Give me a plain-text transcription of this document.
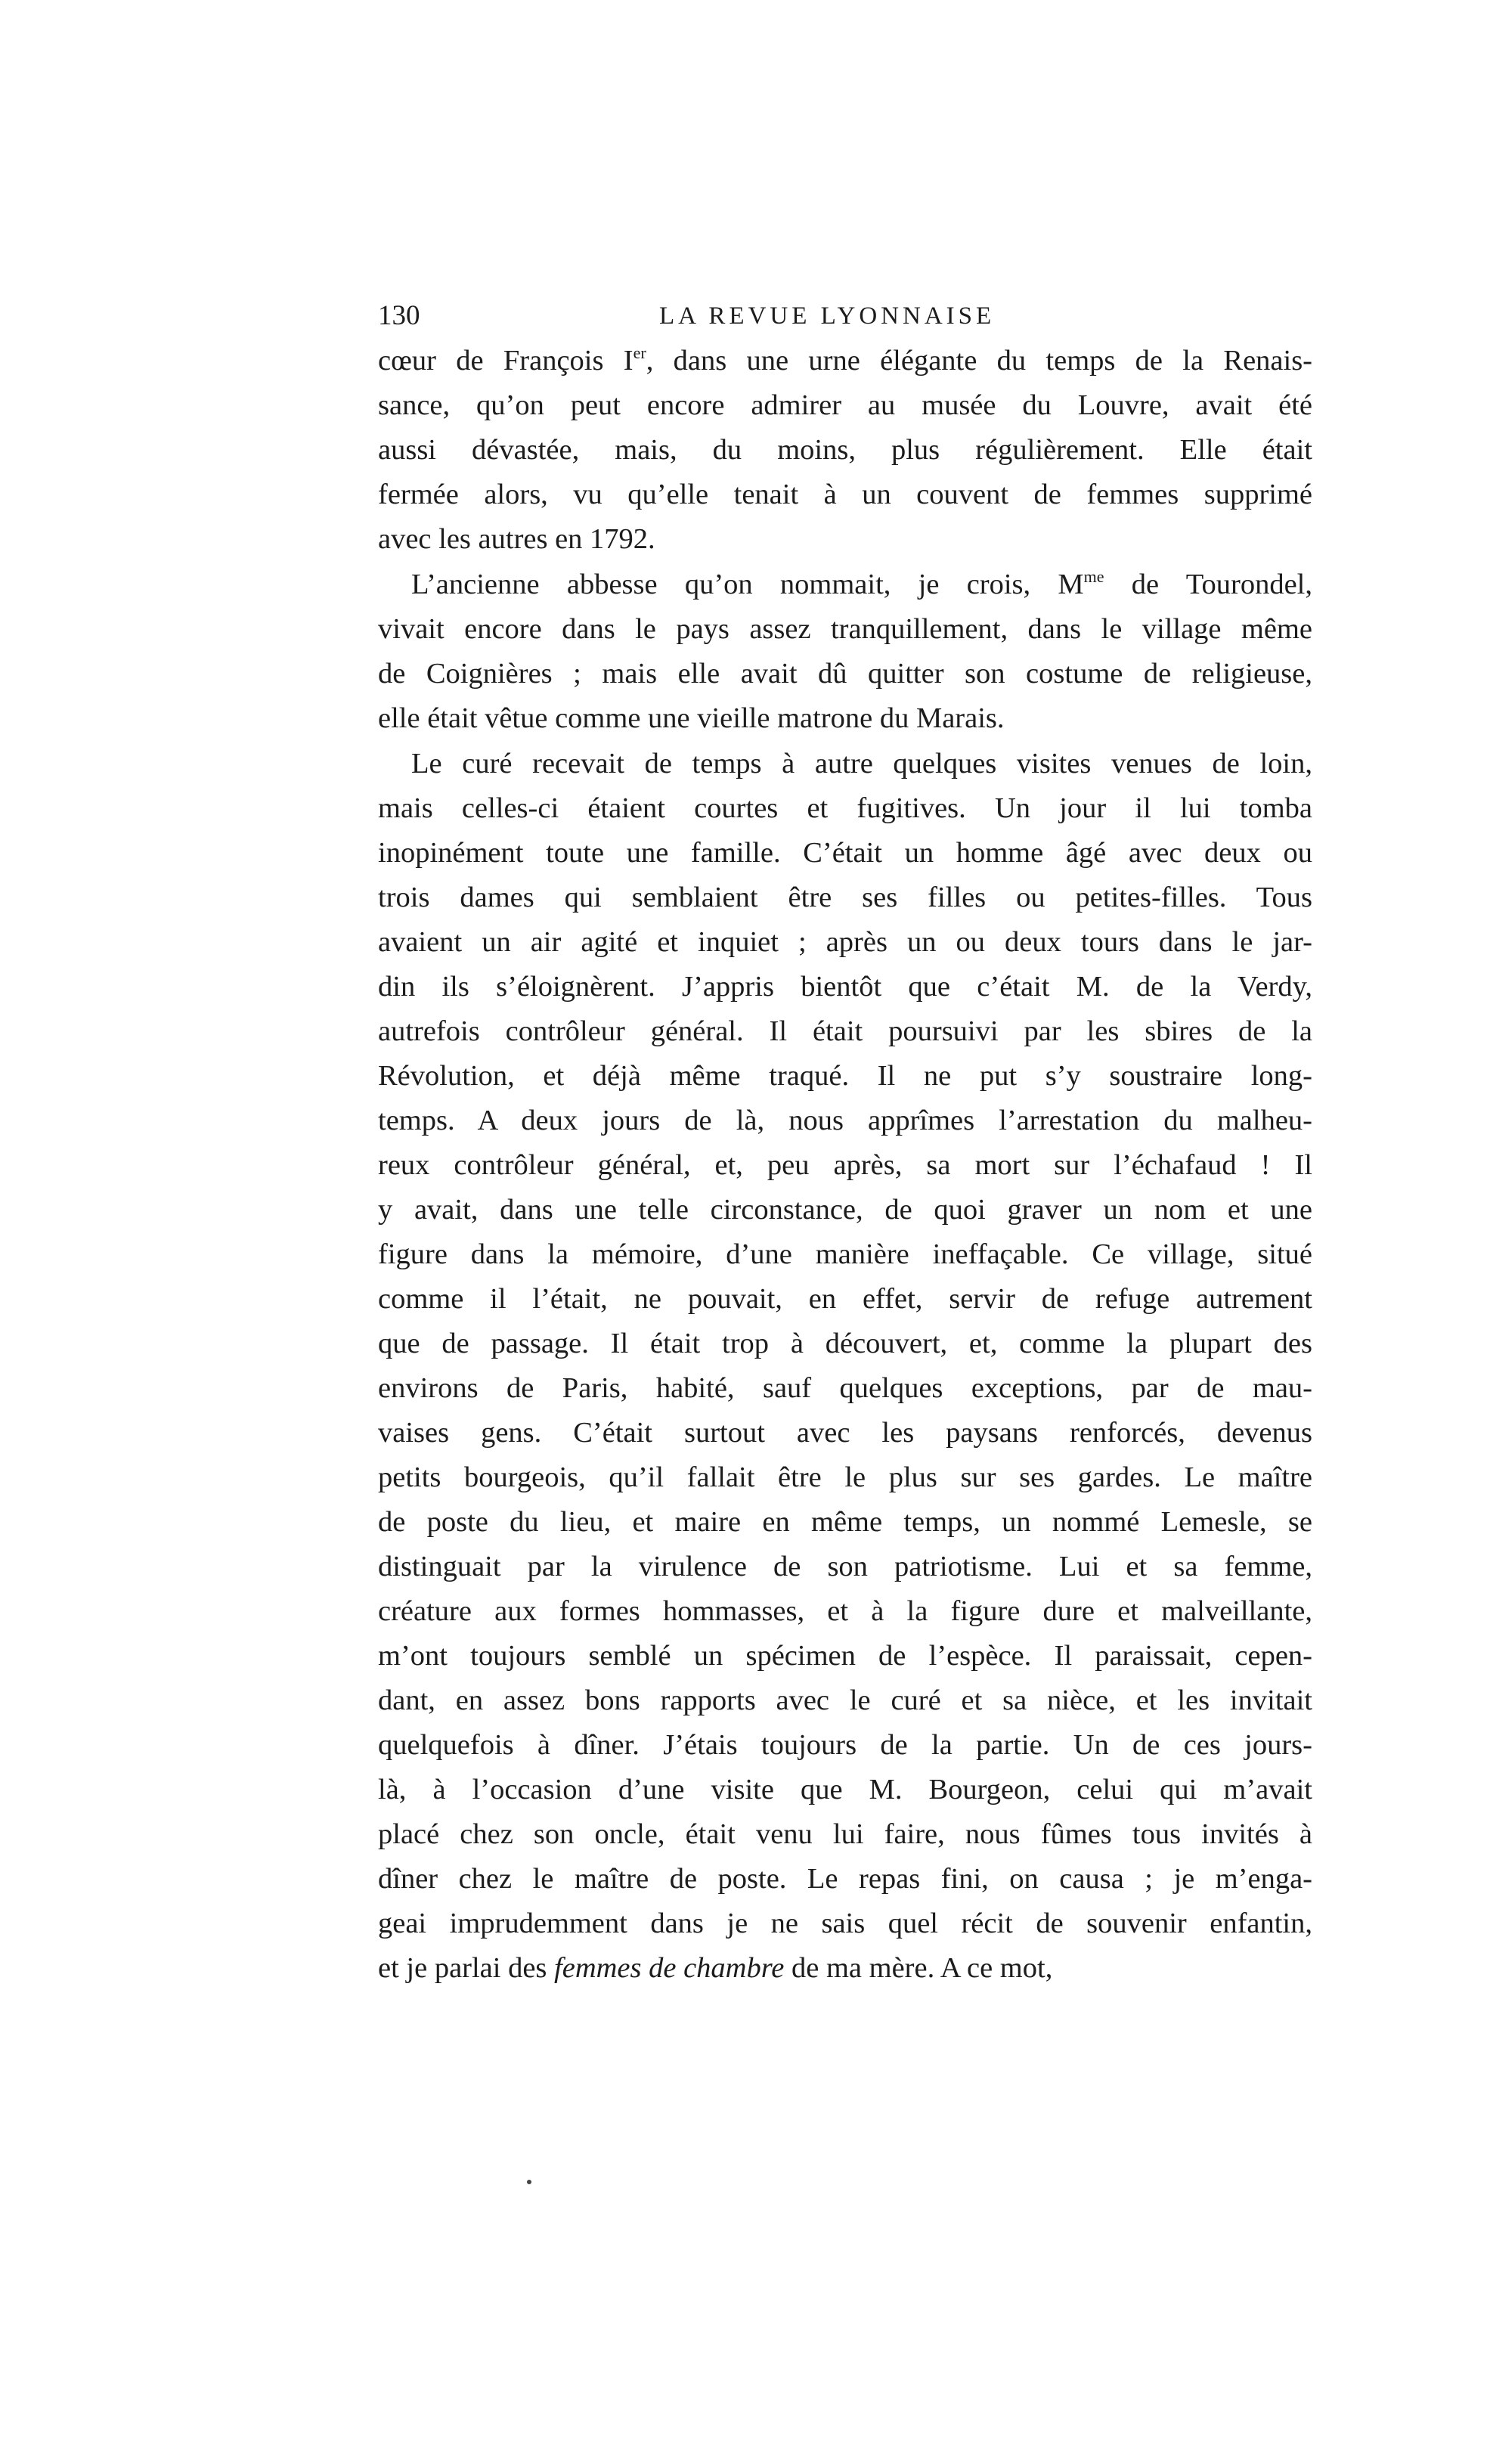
130	LA REVUE LYONNAISE
cœur de François Ier, dans une urne élégante du temps de la Renais-
sance, qu’on peut encore admirer au musée du Louvre, avait été
aussi dévastée, mais, du moins, plus régulièrement. Elle était
fermée alors, vu qu’elle tenait à un couvent de femmes supprimé
avec les autres en 1792.
L’ancienne abbesse qu’on nommait, je crois, $M^{me}$ de Tourondel,
vivait encore dans le pays assez tranquillement, dans le village même
de Coignières ; mais elle avait dû quitter son costume de religieuse,
elle était vêtue comme une vieille matrone du Marais.
Le curé recevait de temps à autre quelques visites venues de loin,
mais celles-ci étaient courtes et fugitives. Un jour il lui tomba
inopinément toute une famille. C’était un homme âgé avec deux ou
trois dames qui semblaient être ses filles ou petites-filles. Tous
avaient un air agité et inquiet ; après un ou deux tours dans le jar-
din ils s’éloignèrent. J’appris bientôt que c’était M. de la Verdy,
autrefois contrôleur général. Il était poursuivi par les sbires de la
Révolution, et déjà même traqué. Il ne put s’y soustraire long-
temps. A deux jours de là, nous apprîmes l’arrestation du malheu-
reux contrôleur général, et, peu après, sa mort sur l’échafaud ! Il
y avait, dans une telle circonstance, de quoi graver un nom et une
figure dans la mémoire, d’une manière ineffaçable. Ce village, situé
comme il l’était, ne pouvait, en effet, servir de refuge autrement
que de passage. Il était trop à découvert, et, comme la plupart des
environs de Paris, habité, sauf quelques exceptions, par de mau-
vaises gens. C’était surtout avec les paysans renforcés, devenus
petits bourgeois, qu’il fallait être le plus sur ses gardes. Le maître
de poste du lieu, et maire en même temps, un nommé Lemesle, se
distinguait par la virulence de son patriotisme. Lui et sa femme,
créature aux formes hommasses, et à la figure dure et malveillante,
m’ont toujours semblé un spécimen de l’espèce. Il paraissait, cepen-
dant, en assez bons rapports avec le curé et sa nièce, et les invitait
quelquefois à dîner. J’étais toujours de la partie. Un de ces jours-
là, à l’occasion d’une visite que M. Bourgeon, celui qui m’avait
placé chez son oncle, était venu lui faire, nous fûmes tous invités à
dîner chez le maître de poste. Le repas fini, on causa ; je m’enga-
geai imprudemment dans je ne sais quel récit de souvenir enfantin,
et je parlai des femmes de chambre de ma mère. A ce mot,
